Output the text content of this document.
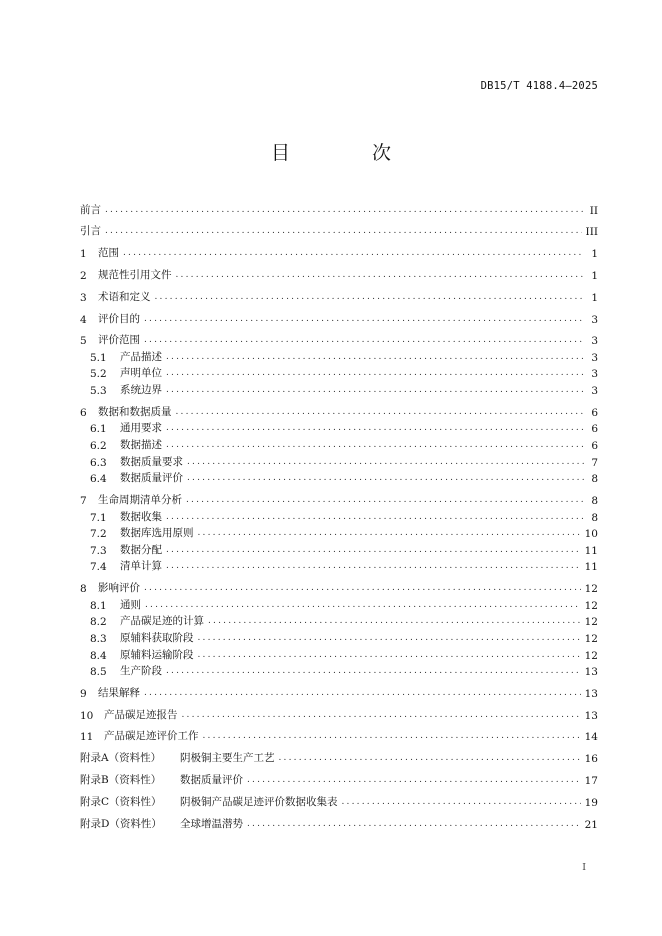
DB15/T 4188.4—2025
目 次
前言 .....	II
引言 .....	III
1	范围 .....	1
2	规范性引用文件 .....	1
3	术语和定义 .....	1
4	评价目的 .....	3
5	评价范围 .....	3
5.1	产品描述 .....	3
5.2	声明单位 .....	3
5.3	系统边界 .....	3
6	数据和数据质量 .....	6
6.1	通用要求 .....	6
6.2	数据描述 .....	6
6.3	数据质量要求 .....	7
6.4	数据质量评价 .....	8
7	生命周期清单分析 .....	8
7.1	数据收集 .....	8
7.2	数据库选用原则 .....	10
7.3	数据分配 .....	11
7.4	清单计算 .....	11
8	影响评价 .....	12
8.1	通则 .....	12
8.2	产品碳足迹的计算 .....	12
8.3	原辅料获取阶段 .....	12
8.4	原辅料运输阶段 .....	12
8.5	生产阶段 .....	13
9	结果解释 .....	13
10	产品碳足迹报告 .....	13
11	产品碳足迹评价工作 .....	14
附录A（资料性）	阴极铜主要生产工艺 .....	16
附录B（资料性）	数据质量评价 .....	17
附录C（资料性）	阴极铜产品碳足迹评价数据收集表 .....	19
附录D（资料性）	全球增温潜势 .....	21
I
